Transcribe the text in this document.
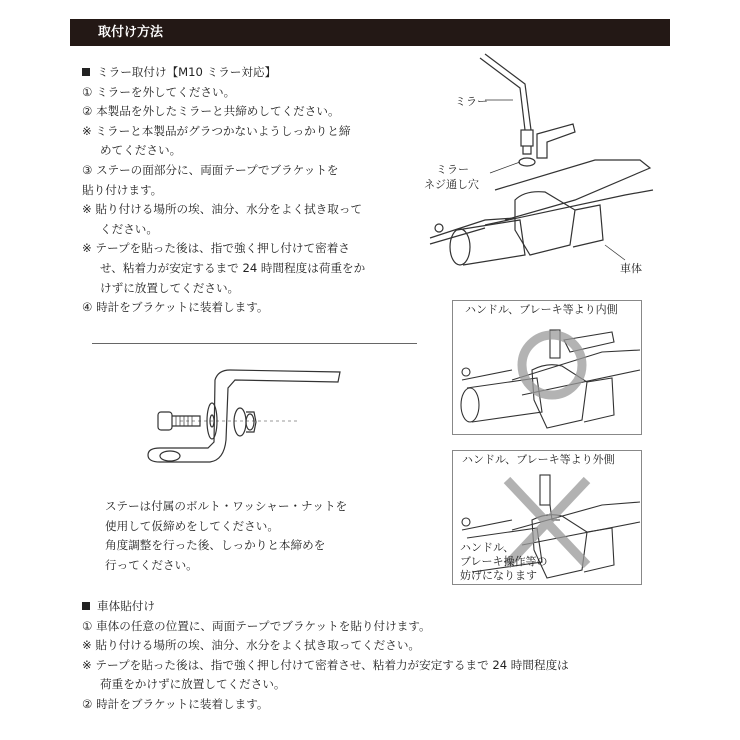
取付け方法
ミラー取付け【M10 ミラー対応】
① ミラーを外してください。
② 本製品を外したミラーと共締めしてください。
※ ミラーと本製品がグラつかないようしっかりと締
めてください。
③ ステーの面部分に、両面テープでブラケットを
貼り付けます。
※ 貼り付ける場所の埃、油分、水分をよく拭き取って
ください。
※ テープを貼った後は、指で強く押し付けて密着さ
せ、粘着力が安定するまで 24 時間程度は荷重をか
けずに放置してください。
④ 時計をブラケットに装着します。
ミラー
ミラー
ネジ通し穴
車体
ハンドル、ブレーキ等より内側
ハンドル、ブレーキ等より外側
ハンドル、
ブレーキ操作等の
妨げになります
ステーは付属のボルト・ワッシャー・ナットを
使用して仮締めをしてください。
角度調整を行った後、しっかりと本締めを
行ってください。
車体貼付け
① 車体の任意の位置に、両面テープでブラケットを貼り付けます。
※ 貼り付ける場所の埃、油分、水分をよく拭き取ってください。
※ テープを貼った後は、指で強く押し付けて密着させ、粘着力が安定するまで 24 時間程度は
荷重をかけずに放置してください。
② 時計をブラケットに装着します。
